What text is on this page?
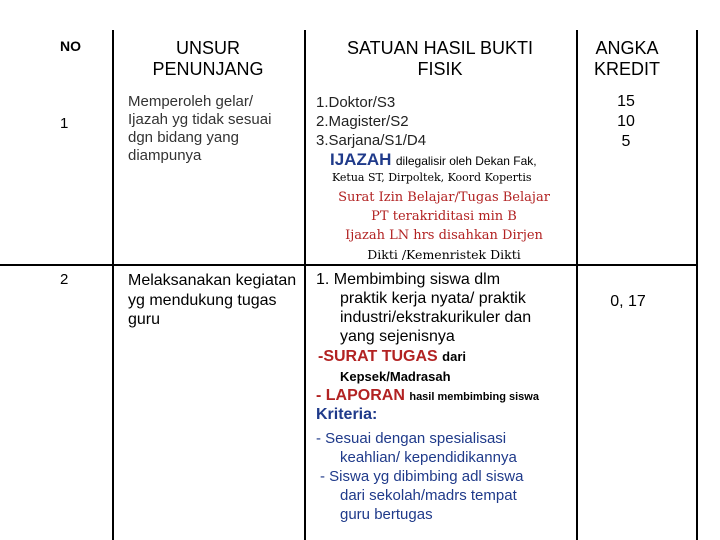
NO	UNSUR PENUNJANG
SATUAN HASIL BUKTI FISIK
ANGKA KREDIT
1
Memperoleh gelar/ Ijazah yg tidak sesuai dgn bidang yang diampunya
1.Doktor/S3
2.Magister/S2
3.Sarjana/S1/D4
IJAZAH dilegalisir oleh Dekan Fak,
Ketua ST, Dirpoltek, Koord Kopertis
Surat Izin Belajar/Tugas Belajar
PT terakriditasi min B
Ijazah LN hrs disahkan Dirjen
Dikti /Kemenristek Dikti
15
10
5
2	Melaksanakan kegiatan yg mendukung tugas guru
1. Membimbing siswa dlm
praktik kerja nyata/ praktik
industri/ekstrakurikuler dan
yang sejenisnya
-SURAT TUGAS dari
Kepsek/Madrasah
- LAPORAN hasil membimbing siswa
Kriteria:
- Sesuai dengan spesialisasi
keahlian/ kependidikannya
- Siswa yg dibimbing adl siswa
dari sekolah/madrs tempat
guru bertugas
0, 17
